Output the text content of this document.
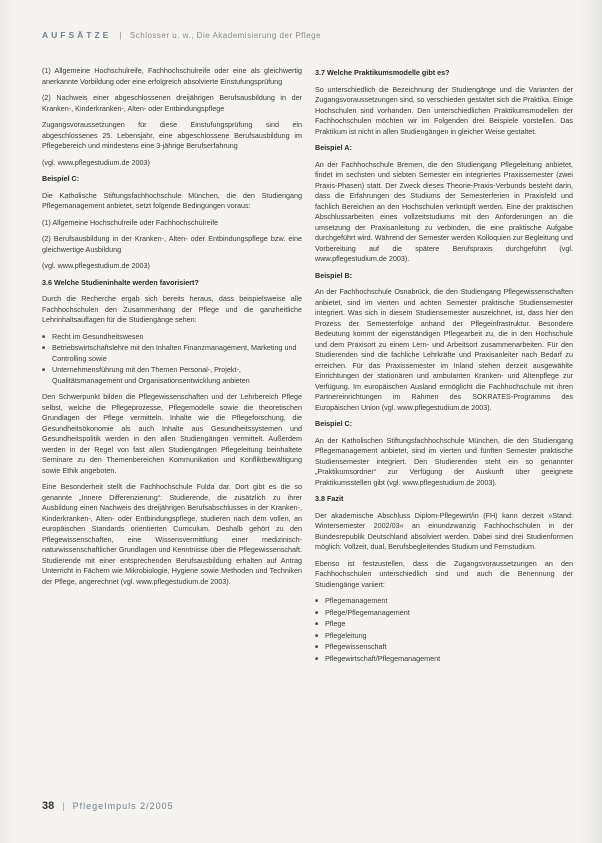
AUFSÄTZE | Schlosser u. w., Die Akademisierung der Pflege
(1) Allgemeine Hochschulreife, Fachhochschulreife oder eine als gleichwertig anerkannte Vorbildung oder eine erfolgreich absolvierte Einstufungsprüfung
(2) Nachweis einer abgeschlossenen dreijährigen Berufsausbildung in der Kranken-, Kinderkranken-, Alten- oder Entbindungspflege
Zugangsvoraussetzungen für diese Einstufungsprüfung sind ein abgeschlossenes 25. Lebensjahr, eine abgeschlossene Berufsausbildung im Pflegebereich und mindestens eine 3-jährige Berufserfahrung
(vgl. www.pflegestudium.de 2003)
Beispiel C:
Die Katholische Stiftungsfachhochschule München, die den Studiengang Pflegemanagement anbietet, setzt folgende Bedingungen voraus:
(1) Allgemeine Hochschulreife oder Fachhochschulreife
(2) Berufsausbildung in der Kranken-, Alten- oder Entbindungspflege bzw. eine gleichwertige Ausbildung
(vgl. www.pflegestudium.de 2003)
3.6 Welche Studieninhalte werden favorisiert?
Durch die Recherche ergab sich bereits heraus, dass beispielsweise alle Fachhochschulen den Zusammenhang der Pflege und die ganzheitliche Lehrinhaltsauflagen für die Studiengänge sehen:
■ Recht im Gesundheitswesen
■ Betriebswirtschaftslehre mit den Inhalten Finanzmanagement, Marketing und Controlling sowie
■ Unternehmensführung mit den Themen Personal-, Projekt-, Qualitätsmanagement und Organisationsentwicklung anbieten
Den Schwerpunkt bilden die Pflegewissenschaften und der Lehrbereich Pflege selbst, welche die Pflegeprozesse, Pflegemodelle sowie die theoretischen Grundlagen der Pflege vermitteln. Inhalte wie die Pflegeforschung, die Gesundheitsökonomie als auch Inhalte aus Gesundheitssystemen und Gesundheitspolitik werden in den allen Studiengängen vermittelt. Außerdem werden in der Regel von fast allen Studiengängen Pflegeleitung beinhaltete Seminare zu den Themenbereichen Kommunikation und Konfliktbewältigung sowie Ethik angeboten.
Eine Besonderheit stellt die Fachhochschule Fulda dar. Dort gibt es die so genannte „Innere Differenzierung“: Studierende, die zusätzlich zu ihrer Ausbildung einen Nachweis des dreijährigen Berufsabschlusses in der Kranken-, Kinderkranken-, Alten- oder Entbindungspflege, studieren nach dem vollen, an europäischen Standards orientierten Curriculum. Deshalb gehört zu den Pflegewissenschaften, eine Wissensvermittlung einer medizinisch-naturwissenschaftlicher Grundlagen und Kenntnisse über die Pflegewissenschaft. Studierende mit einer entsprechenden Berufsausbildung erhalten auf Antrag Unterricht in Fächern wie Mikrobiologie, Hygiene sowie Methoden und Techniken der Pflege, angerechnet (vgl. www.pflegestudium.de 2003).
3.7 Welche Praktikumsmodelle gibt es?
So unterschiedlich die Bezeichnung der Studiengänge und die Varianten der Zugangsvoraussetzungen sind, so verschieden gestaltet sich die Praktika. Einige Hochschulen sind vorhanden. Den unterschiedlichen Praktikumsmodellen der Fachhochschulen möchten wir im Folgenden drei Beispiele vorstellen. Das Praktikum ist nicht in allen Studiengängen in gleicher Weise gestaltet.
Beispiel A:
An der Fachhochschule Bremen, die den Studiengang Pflegeleitung anbietet, findet im sechsten und siebten Semester ein integriertes Praxissemester (zwei Praxis-Phasen) statt. Der Zweck dieses Theorie-Praxis-Verbunds besteht darin, dass die Erfahrungen des Studiums der Semesterferien in Praxisfeld und fachlich Bereichen an den Hochschulen verknüpft werden. Eine der praktischen Abschlussarbeiten eines vollzeitstudiums mit den Anforderungen an die umsetzung der Praxisanleitung zu verbinden, die eine praktische Aufgabe durchgeführt wird. Während der Semester werden Kolloquien zur Begleitung und Vorbereitung auf die spätere Berufspraxis durchgeführt (vgl. www.pflegestudium.de 2003).
Beispiel B:
An der Fachhochschule Osnabrück, die den Studiengang Pflegewissenschaften anbietet, sind im vierten und achten Semester praktische Studiensemester integriert. Was sich in diesem Studiensemester auszeichnet, ist, dass hier den Prozess der Semesterfolge anhand der Pflegeinfrastruktur. Besondere Bedeutung kommt der eigenständigen Pflegearbeit zu, die in den Hochschule und dem Praxisort zu einem Lern- und Arbeitsort zusammenarbeiten. Für den Studierenden sind die fachliche Lehrkräfte und Praxisanleiter nach Bedarf zu erreichen. Für das Praxissemester im Inland stehen derzeit ausgewählte Einrichtungen der stationären und ambulanten Kranken- und Altenpflege zur Verfügung. Im europäischen Ausland ermöglicht die Fachhochschule mit ihren Partnereinrichtungen im Rahmen des SOKRATES-Programms des Europäischen Union (vgl. www.pflegestudium.de 2003).
Beispiel C:
An der Katholischen Stiftungsfachhochschule München, die den Studiengang Pflegemanagement anbietet, sind im vierten und fünften Semester praktische Studiensemester integriert. Den Studierenden steht ein so genannter „Praktikumsordner“ zur Verfügung der Auskunft über geeignete Praktikumsstellen gibt (vgl. www.pflegestudium.de 2003).
3.8 Fazit
Der akademische Abschluss Diplom-Pflegewirt/in (FH) kann derzeit »Stand: Wintersemester 2002/03« an einundzwanzig Fachhochschulen in der Bundesrepublik Deutschland absolviert werden. Dabei sind drei Studienformen möglich: Vollzeit, dual, Berufsbegleitendes Studium und Fernstudium.
Ebenso ist festzustellen, dass die Zugangsvoraussetzungen an den Fachhochschulen unterschiedlich sind und auch die Benennung der Studiengänge variiert:
■ Pflegemanagement
■ Pflege/Pflegemanagement
■ Pflege
■ Pflegeleitung
■ Pflegewissenschaft
■ Pflegewirtschaft/Pflegemanagement
38 | PflegeImpuls 2/2005
